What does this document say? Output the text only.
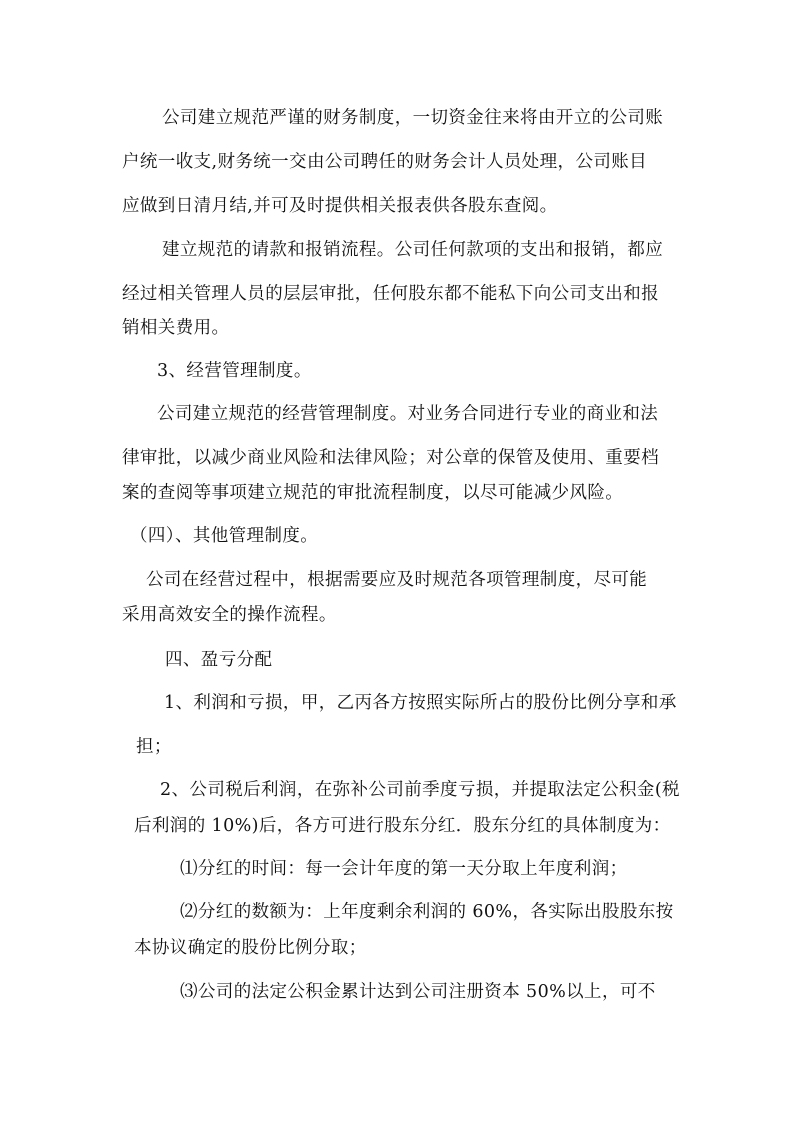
公司建立规范严谨的财务制度，一切资金往来将由开立的公司账
户统一收支,财务统一交由公司聘任的财务会计人员处理，公司账目
应做到日清月结,并可及时提供相关报表供各股东查阅。
建立规范的请款和报销流程。公司任何款项的支出和报销，都应
经过相关管理人员的层层审批，任何股东都不能私下向公司支出和报
销相关费用。
3、经营管理制度。
公司建立规范的经营管理制度。对业务合同进行专业的商业和法
律审批，以减少商业风险和法律风险；对公章的保管及使用、重要档
案的查阅等事项建立规范的审批流程制度，以尽可能减少风险。
（四）、其他管理制度。
公司在经营过程中，根据需要应及时规范各项管理制度，尽可能
采用高效安全的操作流程。
四、盈亏分配
1、利润和亏损，甲，乙丙各方按照实际所占的股份比例分享和承
担；
2、公司税后利润，在弥补公司前季度亏损，并提取法定公积金(税
后利润的 10%)后，各方可进行股东分红．股东分红的具体制度为：
⑴分红的时间：每一会计年度的第一天分取上年度利润；
⑵分红的数额为：上年度剩余利润的 60%，各实际出股股东按
本协议确定的股份比例分取；
⑶公司的法定公积金累计达到公司注册资本 50%以上，可不
